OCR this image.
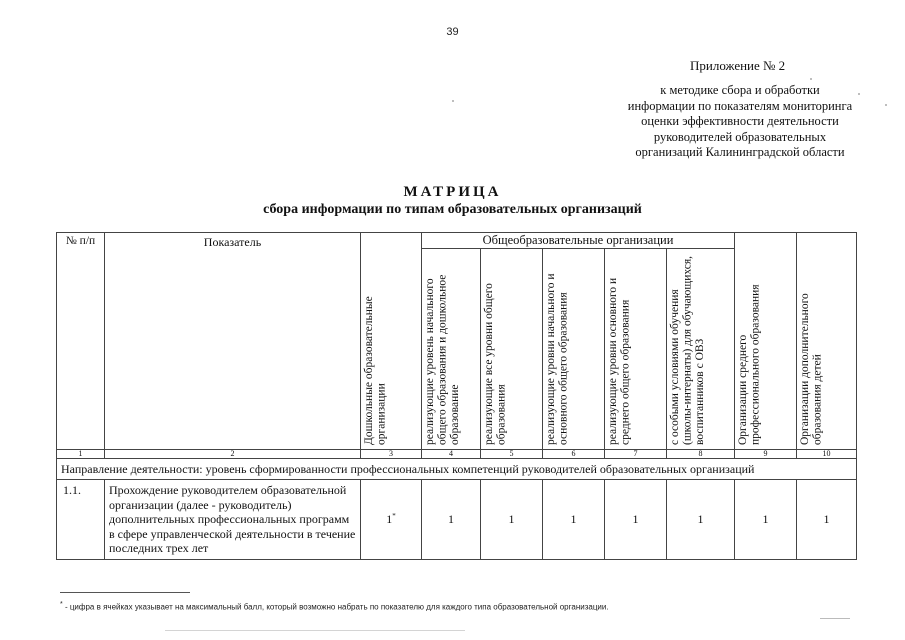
39
Приложение № 2
к методике сбора и обработки
информации по показателям мониторинга
оценки эффективности деятельности
руководителей образовательных
организаций Калининградской области
МАТРИЦА
сбора информации по типам образовательных организаций
№ п/п	Показатель	Дошкольные образовательные организации	Общеобразовательные организации					Организации среднего профессионального образования	Организации дополнительного образования детей

			реализующие уровень начального общего образования и дошкольное образование	реализующие все уровни общего образования	реализующие уровни начального и основного общего образования	реализующие уровни основного и среднего общего образования	с особыми условиями обучения (школы-интернаты) для обучающихся, воспитанников с ОВЗ		

1	2	3	4	5	6	7	8	9	10
Направление деятельности: уровень сформированности профессиональных компетенций руководителей образовательных организаций									
1.1.	Прохождение руководителем образовательной организации (далее - руководитель) дополнительных профессиональных программ в сфере управленческой деятельности в течение последних трех лет	1*	1	1	1	1	1	1	1
* - цифра в ячейках указывает на максимальный балл, который возможно набрать по показателю для каждого типа образовательной организации.
